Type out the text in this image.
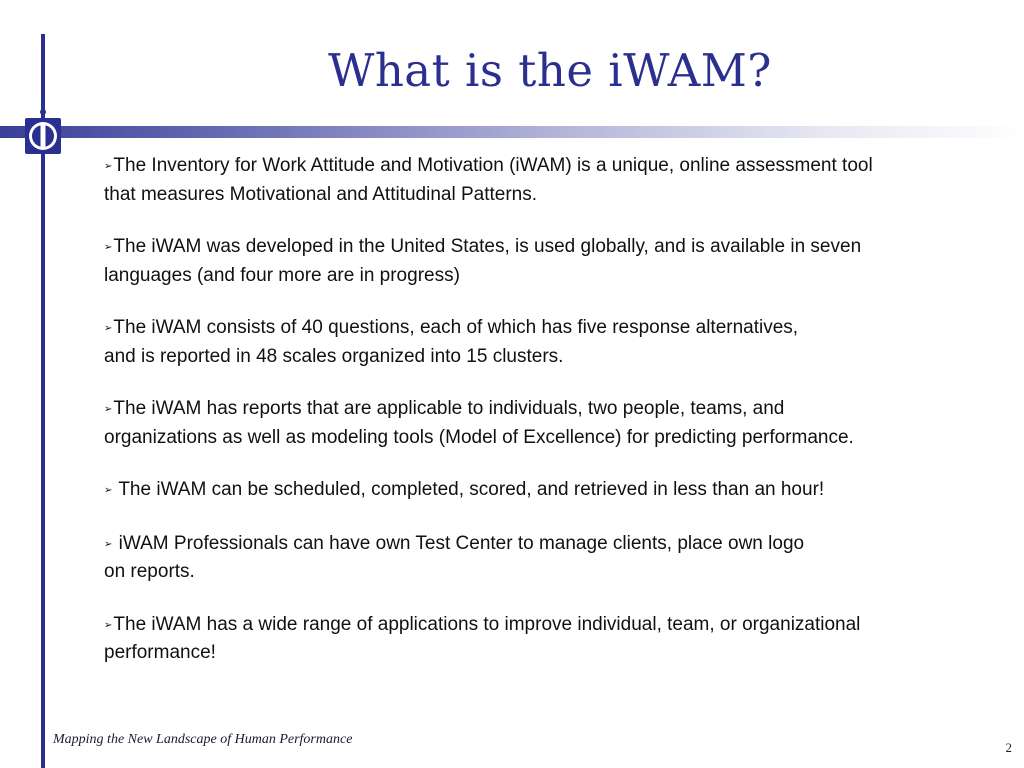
What is the iWAM?

➢The Inventory for Work Attitude and Motivation (iWAM) is a unique, online assessment tool
that measures Motivational and Attitudinal Patterns.

➢The iWAM was developed in the United States, is used globally, and is available in seven
languages (and four more are in progress)

➢The iWAM consists of 40 questions, each of which has five response alternatives,
and is reported in 48 scales organized into 15 clusters.

➢The iWAM has reports that are applicable to individuals, two people, teams, and
organizations as well as modeling tools (Model of Excellence) for predicting performance.

➢ The iWAM can be scheduled, completed, scored, and retrieved in less than an hour!

➢ iWAM Professionals can have own Test Center to manage clients, place own logo
on reports.

➢The iWAM has a wide range of applications to improve individual, team, or organizational
performance!

Mapping the New Landscape of Human Performance
2
